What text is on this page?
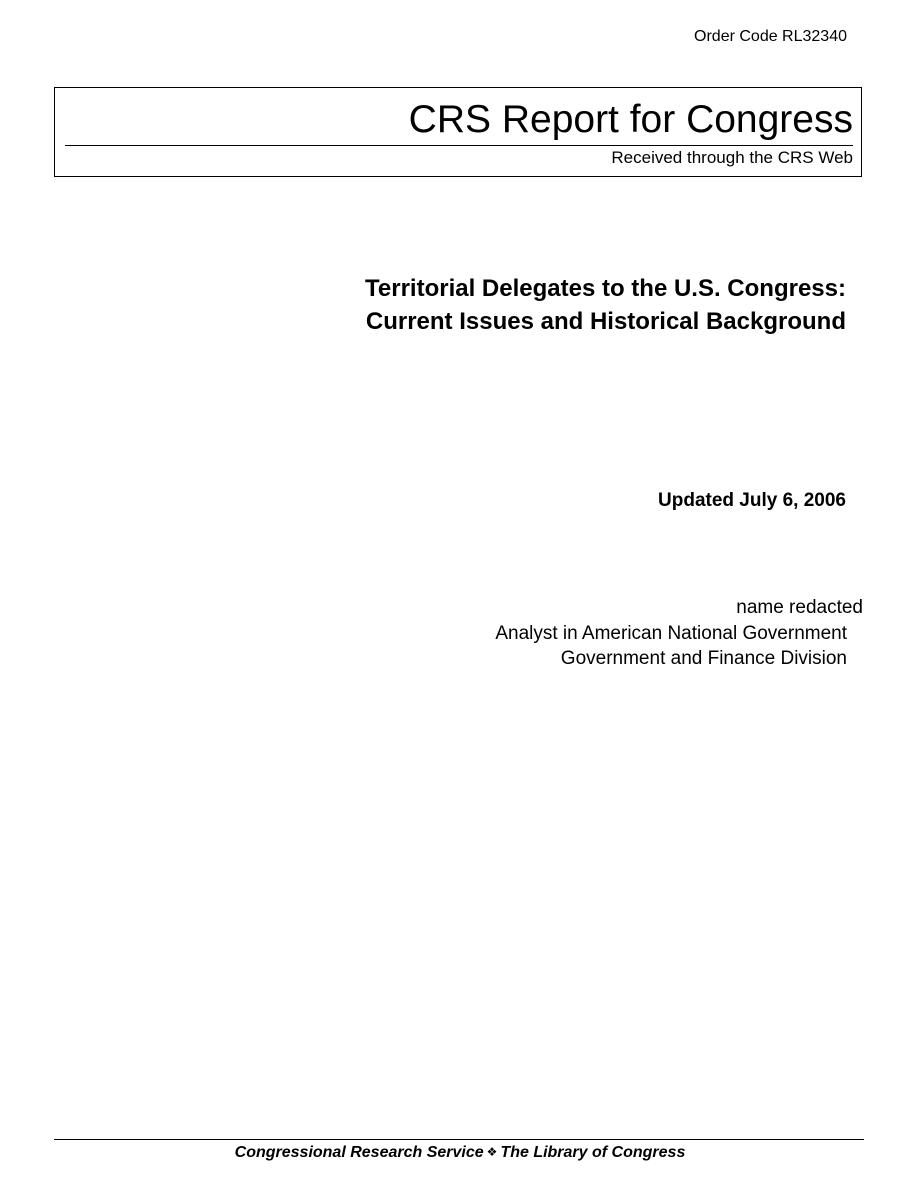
Order Code RL32340
CRS Report for Congress
Received through the CRS Web
Territorial Delegates to the U.S. Congress:
Current Issues and Historical Background
Updated July 6, 2006
name redacted
Analyst in American National Government
Government and Finance Division
Congressional Research Service ❖ The Library of Congress
